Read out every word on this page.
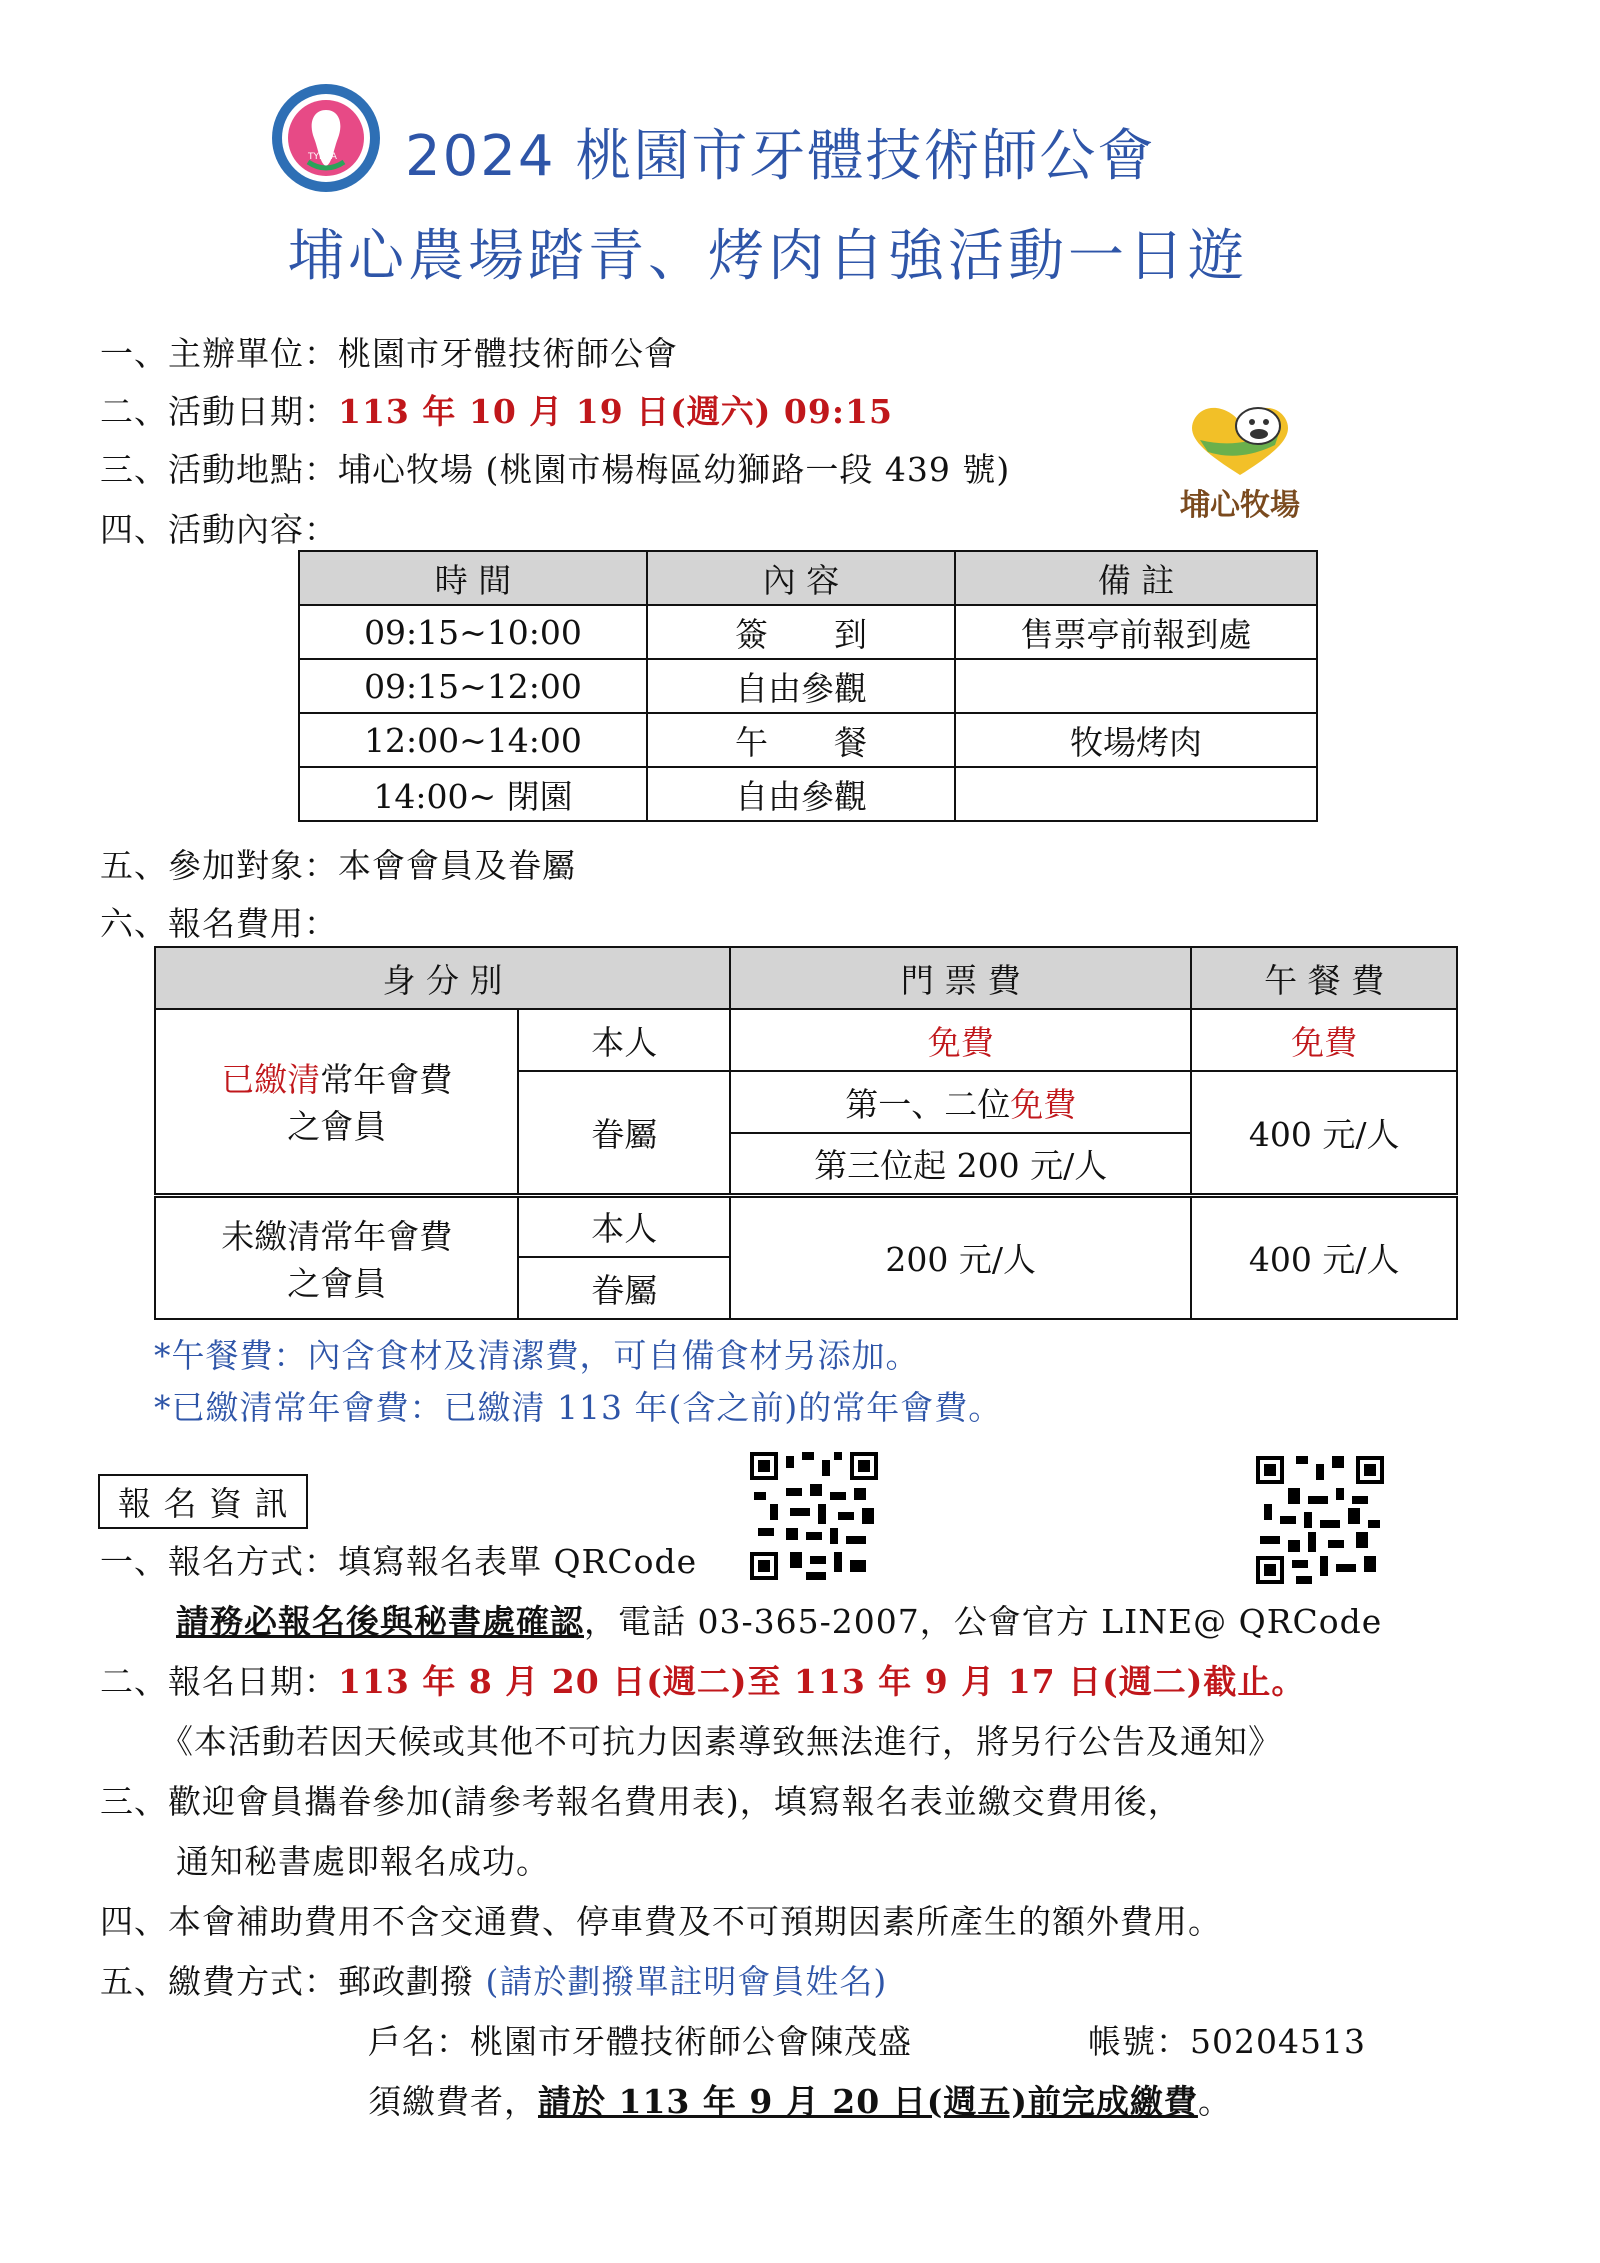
TYDTA 2024 桃園市牙體技術師公會
埔心農場踏青、烤肉自強活動一日遊
埔心牧場
一、主辦單位：桃園市牙體技術師公會
二、活動日期：113 年 10 月 19 日(週六) 09:15
三、活動地點：埔心牧場 (桃園市楊梅區幼獅路一段 439 號)
四、活動內容：
時 間	內 容	備 註
09:15~10:00	簽　　到	售票亭前報到處
09:15~12:00	自由參觀	
12:00~14:00	午　　餐	牧場烤肉
14:00~ 閉園	自由參觀	
五、參加對象：本會會員及眷屬
六、報名費用：
身 分 別		門 票 費	午 餐 費

已繳清常年會費
之會員	本人	免費	免費
	眷屬	第一、二位免費	400 元/人
		第三位起 200 元/人	

未繳清常年會費
之會員	本人	200 元/人	400 元/人
	眷屬		
*午餐費：內含食材及清潔費，可自備食材另添加。
*已繳清常年會費：已繳清 113 年(含之前)的常年會費。
報 名 資 訊
一、報名方式：填寫報名表單 QRCode
請務必報名後與秘書處確認，電話 03-365-2007，公會官方 LINE@ QRCode
二、報名日期：113 年 8 月 20 日(週二)至 113 年 9 月 17 日(週二)截止。
《本活動若因天候或其他不可抗力因素導致無法進行，將另行公告及通知》
三、歡迎會員攜眷參加(請參考報名費用表)，填寫報名表並繳交費用後，
通知秘書處即報名成功。
四、本會補助費用不含交通費、停車費及不可預期因素所產生的額外費用。
五、繳費方式：郵政劃撥 (請於劃撥單註明會員姓名)
戶名：桃園市牙體技術師公會陳茂盛	帳號：50204513
須繳費者，請於 113 年 9 月 20 日(週五)前完成繳費。
